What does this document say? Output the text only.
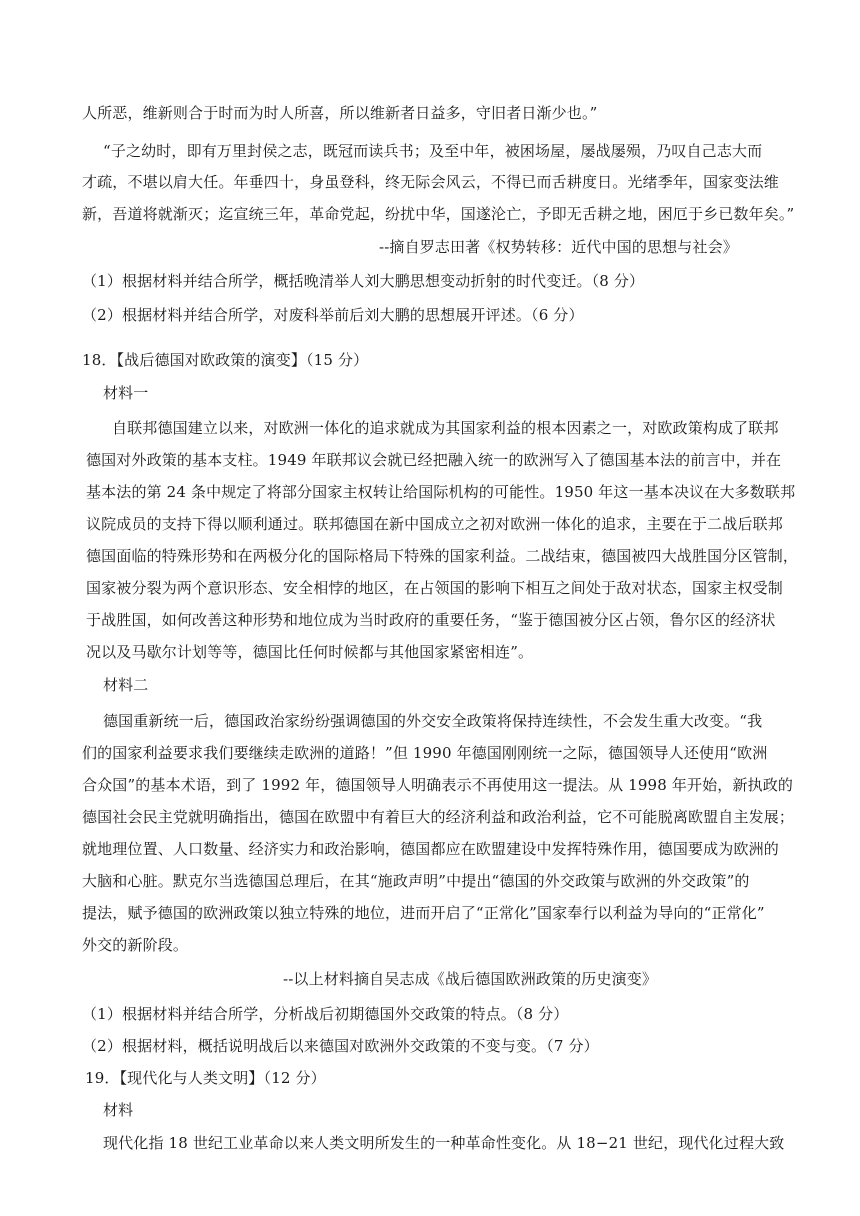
人所恶，维新则合于时而为时人所喜，所以维新者日益多，守旧者日渐少也。”
“子之幼时，即有万里封侯之志，既冠而读兵书；及至中年，被困场屋，屡战屡殒，乃叹自己志大而
才疏，不堪以肩大任。年垂四十，身虽登科，终无际会风云，不得已而舌耕度日。光绪季年，国家变法维
新，吾道将就渐灭；迄宣统三年，革命党起，纷扰中华，国遂沦亡，予即无舌耕之地，困厄于乡已数年矣。”
--摘自罗志田著《权势转移：近代中国的思想与社会》
（1）根据材料并结合所学，概括晚清举人刘大鹏思想变动折射的时代变迁。（8 分）
（2）根据材料并结合所学，对废科举前后刘大鹏的思想展开评述。（6 分）
18．【战后德国对欧政策的演变】（15 分）
材料一
自联邦德国建立以来，对欧洲一体化的追求就成为其国家利益的根本因素之一，对欧政策构成了联邦
德国对外政策的基本支柱。1949 年联邦议会就已经把融入统一的欧洲写入了德国基本法的前言中，并在
基本法的第 24 条中规定了将部分国家主权转让给国际机构的可能性。1950 年这一基本决议在大多数联邦
议院成员的支持下得以顺利通过。联邦德国在新中国成立之初对欧洲一体化的追求，主要在于二战后联邦
德国面临的特殊形势和在两极分化的国际格局下特殊的国家利益。二战结束，德国被四大战胜国分区管制，
国家被分裂为两个意识形态、安全相悖的地区，在占领国的影响下相互之间处于敌对状态，国家主权受制
于战胜国，如何改善这种形势和地位成为当时政府的重要任务，“鉴于德国被分区占领，鲁尔区的经济状
况以及马歇尔计划等等，德国比任何时候都与其他国家紧密相连”。
材料二
德国重新统一后，德国政治家纷纷强调德国的外交安全政策将保持连续性，不会发生重大改变。“我
们的国家利益要求我们要继续走欧洲的道路！”但 1990 年德国刚刚统一之际，德国领导人还使用“欧洲
合众国”的基本术语，到了 1992 年，德国领导人明确表示不再使用这一提法。从 1998 年开始，新执政的
德国社会民主党就明确指出，德国在欧盟中有着巨大的经济利益和政治利益，它不可能脱离欧盟自主发展；
就地理位置、人口数量、经济实力和政治影响，德国都应在欧盟建设中发挥特殊作用，德国要成为欧洲的
大脑和心脏。默克尔当选德国总理后，在其“施政声明”中提出“德国的外交政策与欧洲的外交政策”的
提法，赋予德国的欧洲政策以独立特殊的地位，进而开启了“正常化”国家奉行以利益为导向的“正常化”
外交的新阶段。
--以上材料摘自吴志成《战后德国欧洲政策的历史演变》
（1）根据材料并结合所学，分析战后初期德国外交政策的特点。（8 分）
（2）根据材料，概括说明战后以来德国对欧洲外交政策的不变与变。（7 分）
19．【现代化与人类文明】（12 分）
材料
现代化指 18 世纪工业革命以来人类文明所发生的一种革命性变化。从 18−21 世纪，现代化过程大致
